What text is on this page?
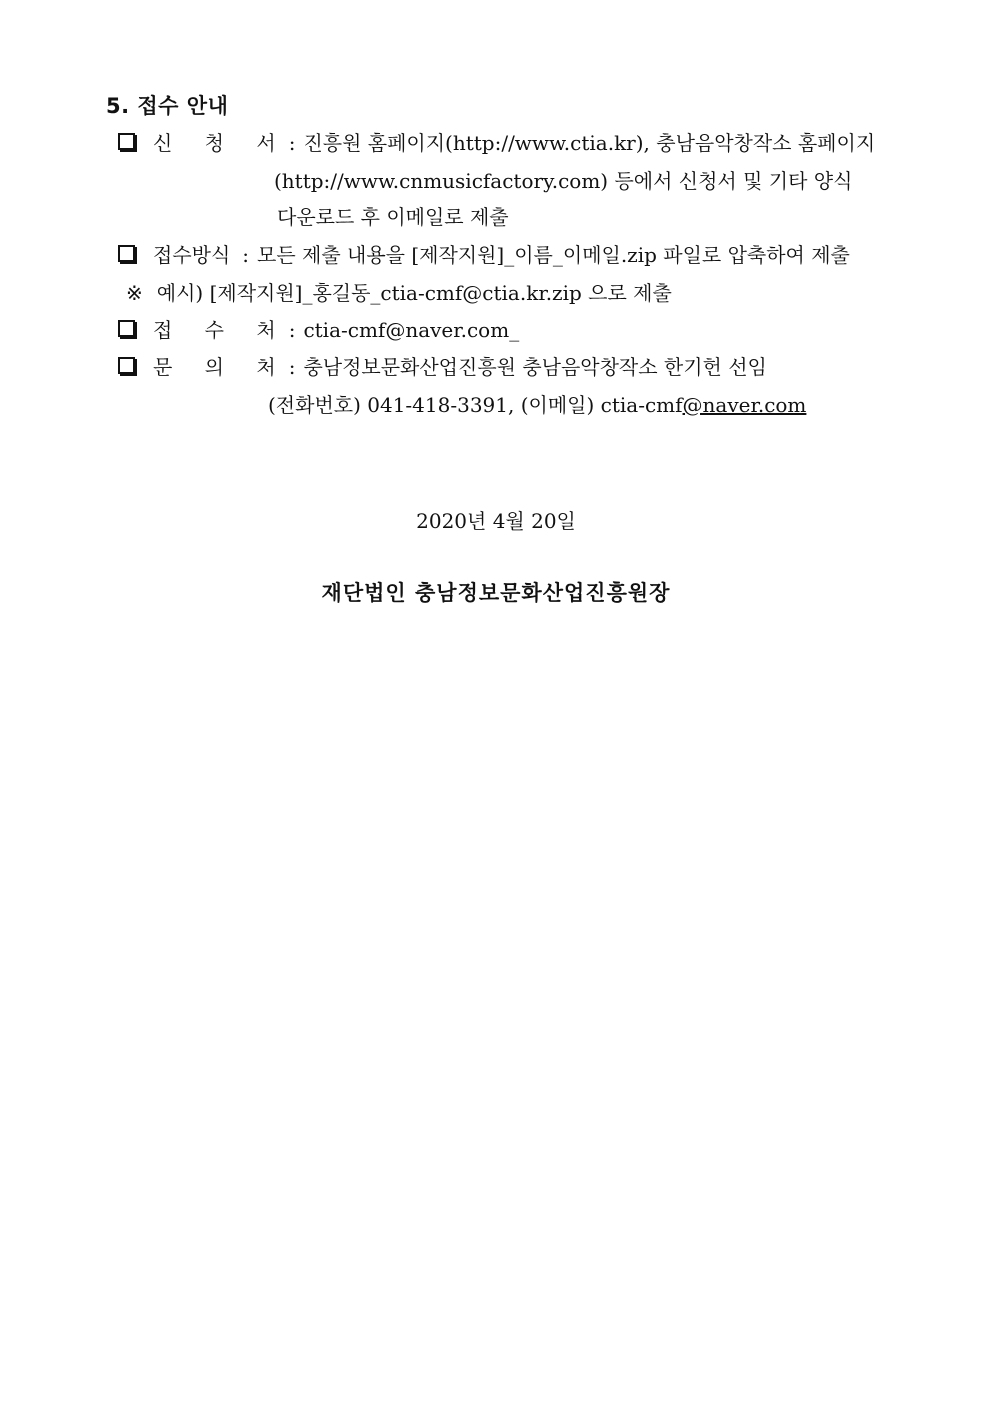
5. 접수 안내
신 청 서: 진흥원 홈페이지(http://www.ctia.kr), 충남음악창작소 홈페이지
(http://www.cnmusicfactory.com) 등에서 신청서 및 기타 양식
다운로드 후 이메일로 제출
접수방식 : 모든 제출 내용을 [제작지원]_이름_이메일.zip 파일로 압축하여 제출
※ 예시) [제작지원]_홍길동_ctia-cmf@ctia.kr.zip 으로 제출
접 수 처: ctia-cmf@naver.com_
문 의 처: 충남정보문화산업진흥원 충남음악창작소 한기헌 선임
(전화번호) 041-418-3391, (이메일) ctia-cmf@naver.com
2020년 4월 20일
재단법인 충남정보문화산업진흥원장
